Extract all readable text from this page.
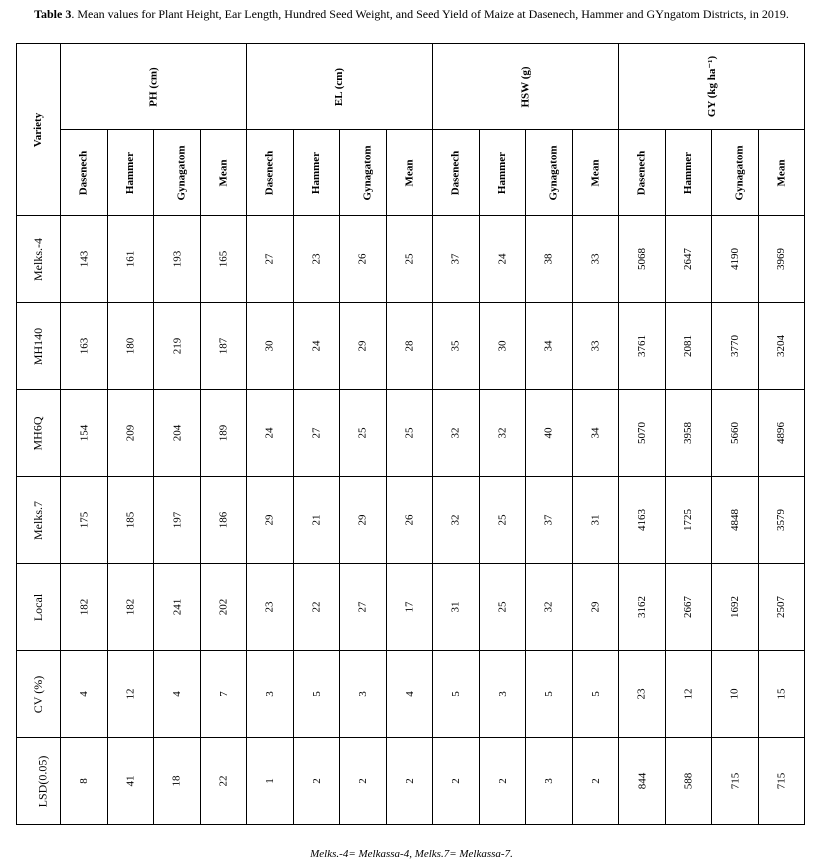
Table 3. Mean values for Plant Height, Ear Length, Hundred Seed Weight, and Seed Yield of Maize at Dasenech, Hammer and GYngatom Districts, in 2019.
Variety	PH (cm)				EL (cm)				HSW (g)				GY (kg ha⁻¹)			
	Dasenech	Hammer	Gynagatom	Mean	Dasenech	Hammer	Gynagatom	Mean	Dasenech	Hammer	Gynagatom	Mean	Dasenech	Hammer	Gynagatom	Mean
Melks.-4	143	161	193	165	27	23	26	25	37	24	38	33	5068	2647	4190	3969
MH140	163	180	219	187	30	24	29	28	35	30	34	33	3761	2081	3770	3204
MH6Q	154	209	204	189	24	27	25	25	32	32	40	34	5070	3958	5660	4896
Melks.7	175	185	197	186	29	21	29	26	32	25	37	31	4163	1725	4848	3579
Local	182	182	241	202	23	22	27	17	31	25	32	29	3162	2667	1692	2507
CV (%)	4	12	4	7	3	5	3	4	5	3	5	5	23	12	10	15
LSD(0.05)	8	41	18	22	1	2	2	2	2	2	3	2	844	588	715	715
Melks.-4= Melkassa-4, Melks.7= Melkassa-7.
